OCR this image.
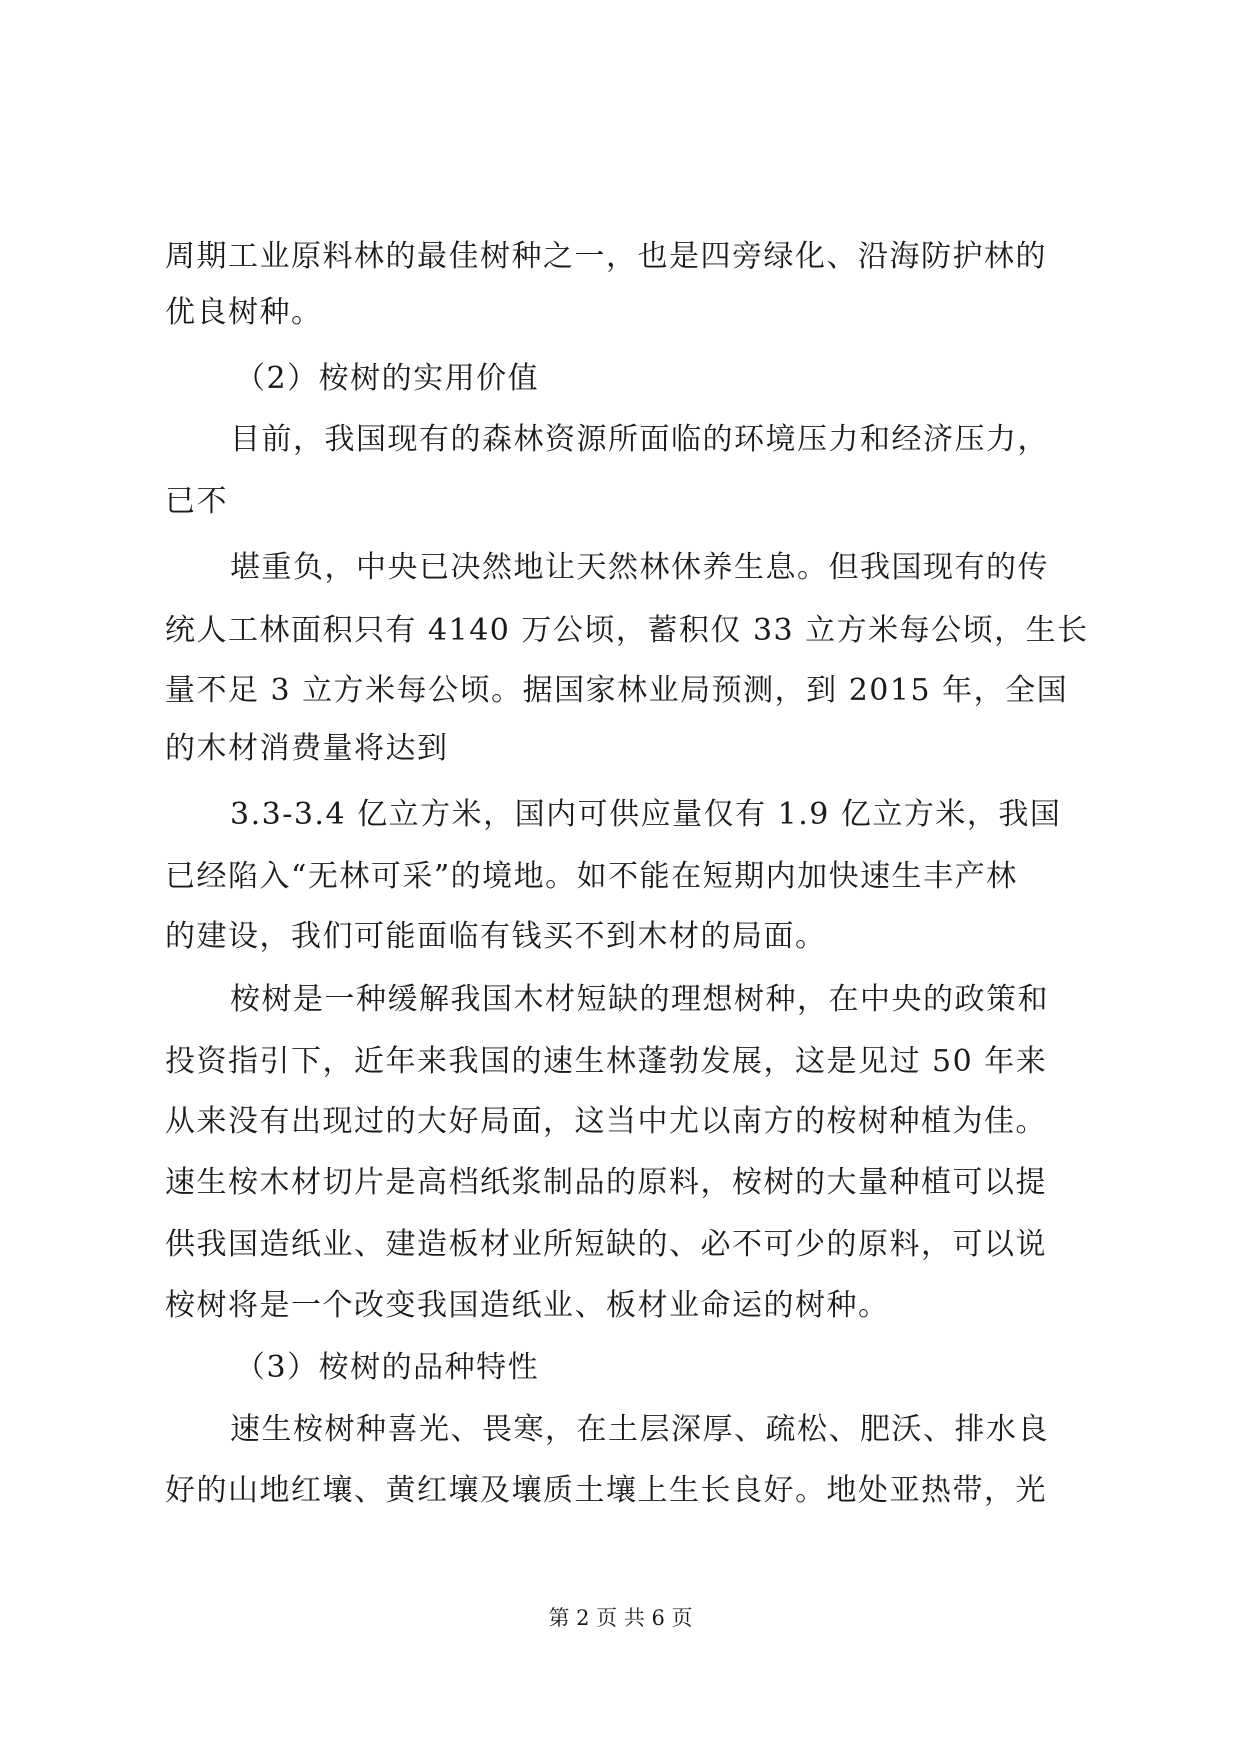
周期工业原料林的最佳树种之一，也是四旁绿化、沿海防护林的
优良树种。
（2）桉树的实用价值
目前，我国现有的森林资源所面临的环境压力和经济压力，
已不
堪重负，中央已决然地让天然林休养生息。但我国现有的传
统人工林面积只有 4140 万公顷，蓄积仅 33 立方米每公顷，生长
量不足 3 立方米每公顷。据国家林业局预测，到 2015 年，全国
的木材消费量将达到
3.3-3.4 亿立方米，国内可供应量仅有 1.9 亿立方米，我国
已经陷入“无林可采”的境地。如不能在短期内加快速生丰产林
的建设，我们可能面临有钱买不到木材的局面。
桉树是一种缓解我国木材短缺的理想树种，在中央的政策和
投资指引下，近年来我国的速生林蓬勃发展，这是见过 50 年来
从来没有出现过的大好局面，这当中尤以南方的桉树种植为佳。
速生桉木材切片是高档纸浆制品的原料，桉树的大量种植可以提
供我国造纸业、建造板材业所短缺的、必不可少的原料，可以说
桉树将是一个改变我国造纸业、板材业命运的树种。
（3）桉树的品种特性
速生桉树种喜光、畏寒，在土层深厚、疏松、肥沃、排水良
好的山地红壤、黄红壤及壤质土壤上生长良好。地处亚热带，光
第 2 页 共 6 页
